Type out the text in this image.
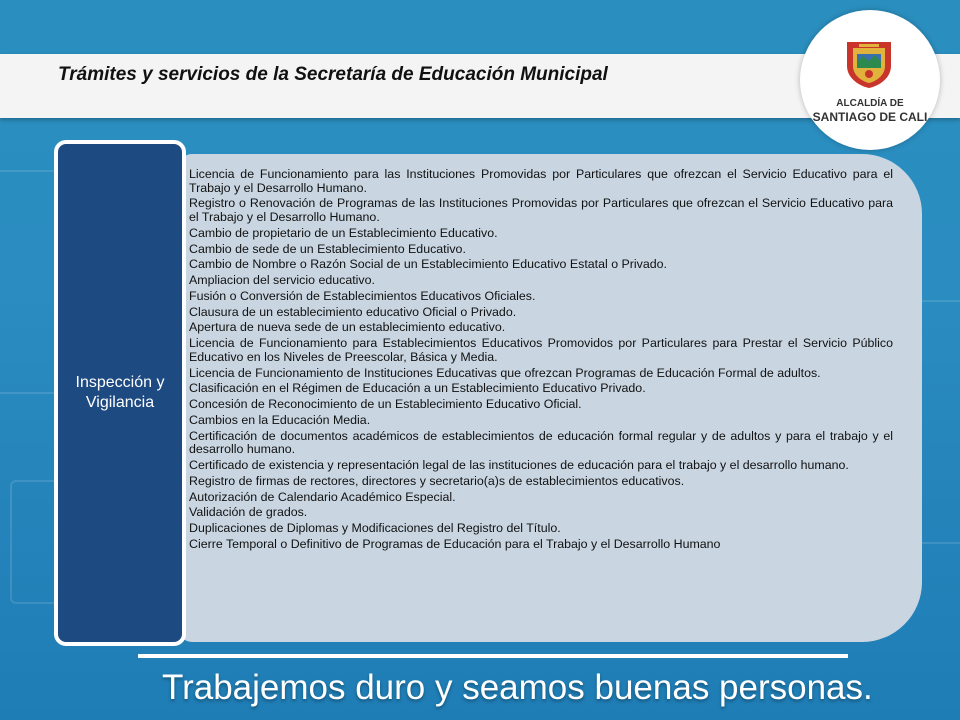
Trámites y servicios de la Secretaría de Educación Municipal
ALCALDÍA DE
SANTIAGO DE CALI
Inspección y Vigilancia
Licencia de Funcionamiento para las Instituciones Promovidas por Particulares que ofrezcan el Servicio Educativo para el Trabajo y el Desarrollo Humano.
Registro o Renovación de Programas de las Instituciones Promovidas por Particulares que ofrezcan el Servicio Educativo para el Trabajo y el Desarrollo Humano.
Cambio de propietario de un Establecimiento Educativo.
Cambio de sede de un Establecimiento Educativo.
Cambio de Nombre o Razón Social de un Establecimiento Educativo Estatal o Privado.
Ampliacion del servicio educativo.
Fusión o Conversión de Establecimientos Educativos Oficiales.
Clausura de un establecimiento educativo Oficial o Privado.
Apertura de nueva sede de un establecimiento educativo.
Licencia de Funcionamiento para Establecimientos Educativos Promovidos por Particulares para Prestar el Servicio Público Educativo en los Niveles de Preescolar, Básica y Media.
Licencia de Funcionamiento de Instituciones Educativas que ofrezcan Programas de Educación Formal de adultos.
Clasificación en el Régimen de Educación a un Establecimiento Educativo Privado.
Concesión de Reconocimiento de un Establecimiento Educativo Oficial.
Cambios en la Educación Media.
Certificación de documentos académicos de establecimientos de educación formal regular y de adultos y para el trabajo y el desarrollo humano.
Certificado de existencia y representación legal de las instituciones de educación para el trabajo y el desarrollo humano.
Registro de firmas de rectores, directores y secretario(a)s de establecimientos educativos.
Autorización de Calendario Académico Especial.
Validación de grados.
Duplicaciones de Diplomas y Modificaciones del Registro del Título.
Cierre Temporal o Definitivo de Programas de Educación para el Trabajo y el Desarrollo Humano
Trabajemos duro y seamos buenas personas.
